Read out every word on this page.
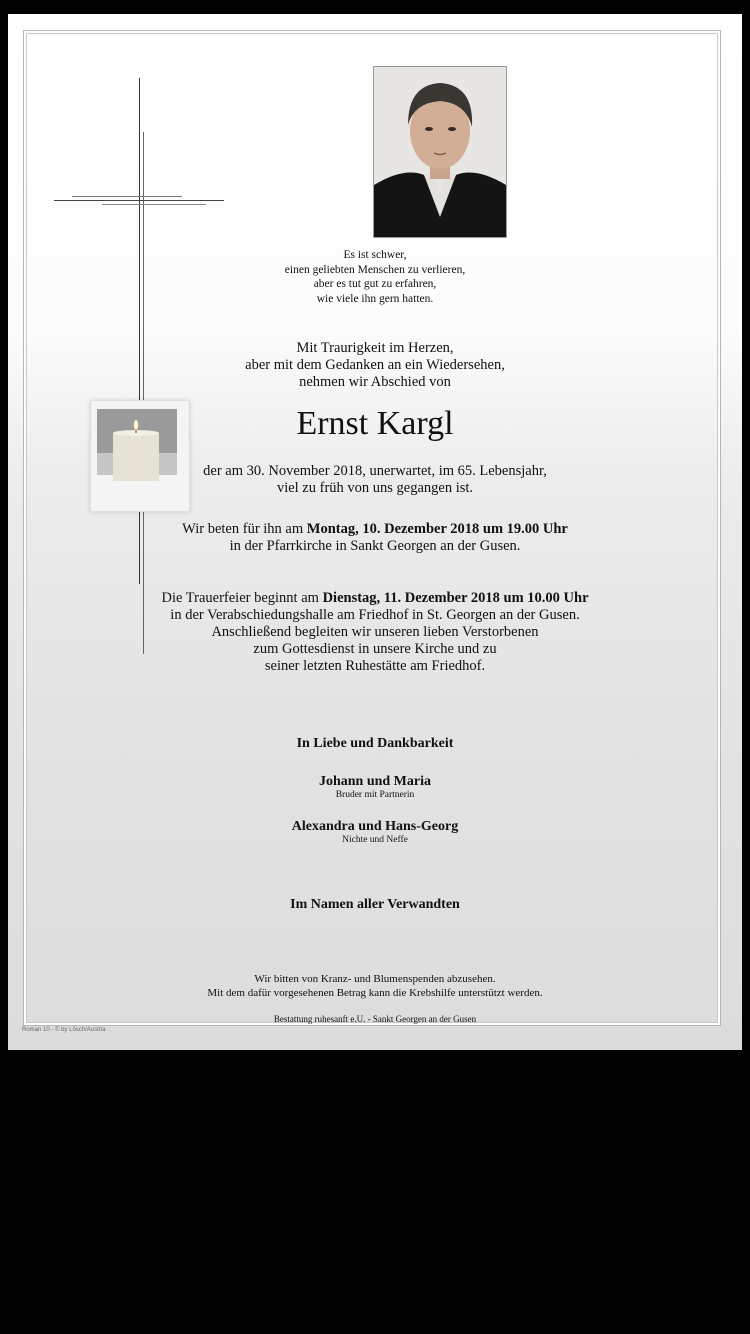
Es ist schwer,
einen geliebten Menschen zu verlieren,
aber es tut gut zu erfahren,
wie viele ihn gern hatten.
Mit Traurigkeit im Herzen,
aber mit dem Gedanken an ein Wiedersehen,
nehmen wir Abschied von
Ernst Kargl
der am 30. November 2018, unerwartet, im 65. Lebensjahr,
viel zu früh von uns gegangen ist.
Wir beten für ihn am Montag, 10. Dezember 2018 um 19.00 Uhr
in der Pfarrkirche in Sankt Georgen an der Gusen.
Die Trauerfeier beginnt am Dienstag, 11. Dezember 2018 um 10.00 Uhr
in der Verabschiedungshalle am Friedhof in St. Georgen an der Gusen.
Anschließend begleiten wir unseren lieben Verstorbenen
zum Gottesdienst in unsere Kirche und zu
seiner letzten Ruhestätte am Friedhof.
In Liebe und Dankbarkeit
Johann und Maria
Bruder mit Partnerin
Alexandra und Hans-Georg
Nichte und Neffe
Im Namen aller Verwandten
Wir bitten von Kranz- und Blumenspenden abzusehen.
Mit dem dafür vorgesehenen Betrag kann die Krebshilfe unterstützt werden.
Bestattung ruhesanft e.U. - Sankt Georgen an der Gusen
Roman 10 - © by Lösch/Austria
